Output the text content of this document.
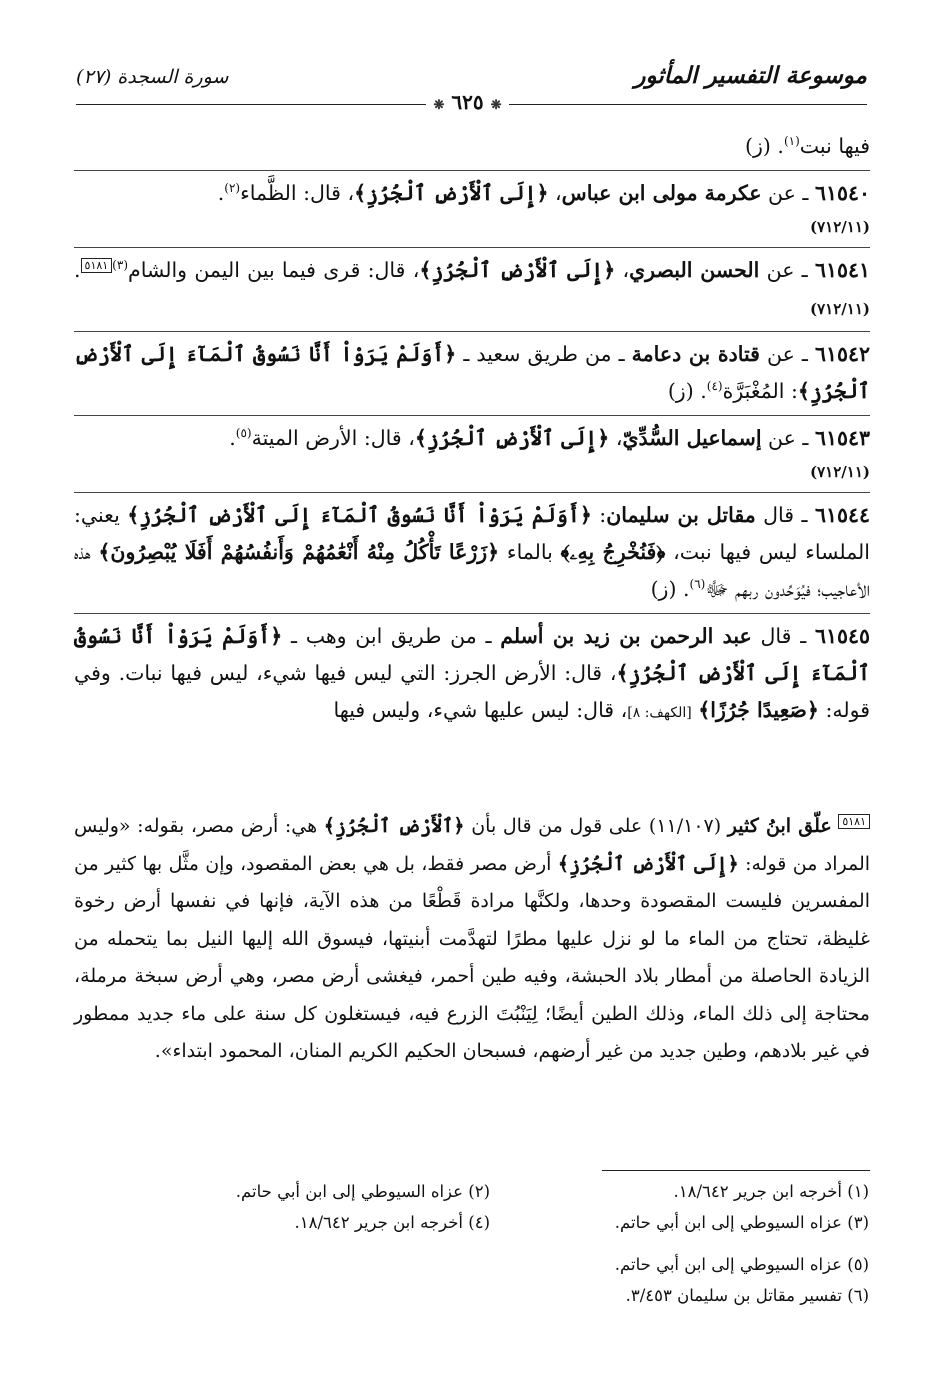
موسوعة التفسير المأثور
سورة السجدة (٢٧)
❋ ٦٢٥ ❋

فيها نبت$^{(١)}$. (ز)

٦١٥٤٠ ـ عن عكرمة مولى ابن عباس، ﴿إِلَى ٱلْأَرْضِ ٱلْجُرُزِ﴾، قال: الظَّماء$^{(٢)}$.
(٧١٢/١١)

٦١٥٤١ ـ عن الحسن البصري، ﴿إِلَى ٱلْأَرْضِ ٱلْجُرُزِ﴾، قال: قرى فيما بين اليمن والشام$^{(٣)}$٥١٨١. (٧١٢/١١)

٦١٥٤٢ ـ عن قتادة بن دعامة ـ من طريق سعيد ـ ﴿أَوَلَمْ يَرَوْاْ أَنَّا نَسُوقُ ٱلْمَآءَ إِلَى ٱلْأَرْضِ ٱلْجُرُزِ﴾: المُغْبَرَّة$^{(٤)}$. (ز)

٦١٥٤٣ ـ عن إسماعيل السُّدِّيّ، ﴿إِلَى ٱلْأَرْضِ ٱلْجُرُزِ﴾، قال: الأرض الميتة$^{(٥)}$.
(٧١٢/١١)

٦١٥٤٤ ـ قال مقاتل بن سليمان: ﴿أَوَلَمْ يَرَوْاْ أَنَّا نَسُوقُ ٱلْمَآءَ إِلَى ٱلْأَرْضِ ٱلْجُرُزِ﴾ يعني: الملساء ليس فيها نبت، ﴿فَنُخْرِجُ بِهِۦ﴾ بالماء ﴿زَرْعًا تَأْكُلُ مِنْهُ أَنْعَٰمُهُمْ وَأَنفُسُهُمْ أَفَلَا يُبْصِرُونَ﴾ هذه الأعاجيب؛ فيُوَحِّدون ربهم ﷻ$^{(٦)}$. (ز)

٦١٥٤٥ ـ قال عبد الرحمن بن زيد بن أسلم ـ من طريق ابن وهب ـ ﴿أَوَلَمْ يَرَوْاْ أَنَّا نَسُوقُ ٱلْمَآءَ إِلَى ٱلْأَرْضِ ٱلْجُرُزِ﴾، قال: الأرض الجرز: التي ليس فيها شيء، ليس فيها نبات. وفي قوله: ﴿صَعِيدًا جُرُزًا﴾ [الكهف: ٨]، قال: ليس عليها شيء، وليس فيها

٥١٨١ علّق ابنُ كثير (١١/١٠٧) على قول من قال بأن ﴿ٱلْأَرْضِ ٱلْجُرُزِ﴾ هي: أرض مصر، بقوله: «وليس المراد من قوله: ﴿إِلَى ٱلْأَرْضِ ٱلْجُرُزِ﴾ أرض مصر فقط، بل هي بعض المقصود، وإن مثَّل بها كثير من المفسرين فليست المقصودة وحدها، ولكنَّها مرادة قَطْعًا من هذه الآية، فإنها في نفسها أرض رخوة غليظة، تحتاج من الماء ما لو نزل عليها مطرًا لتهدَّمت أبنيتها، فيسوق الله إليها النيل بما يتحمله من الزيادة الحاصلة من أمطار بلاد الحبشة، وفيه طين أحمر، فيغشى أرض مصر، وهي أرض سبخة مرملة، محتاجة إلى ذلك الماء، وذلك الطين أيضًا؛ لِيَنْبُتَ الزرع فيه، فيستغلون كل سنة على ماء جديد ممطور في غير بلادهم، وطين جديد من غير أرضهم، فسبحان الحكيم الكريم المنان، المحمود ابتداء».
(١) أخرجه ابن جرير ١٨/٦٤٢.
(٢) عزاه السيوطي إلى ابن أبي حاتم.
(٣) عزاه السيوطي إلى ابن أبي حاتم.
(٤) أخرجه ابن جرير ١٨/٦٤٢.
(٥) عزاه السيوطي إلى ابن أبي حاتم.
(٦) تفسير مقاتل بن سليمان ٣/٤٥٣.
